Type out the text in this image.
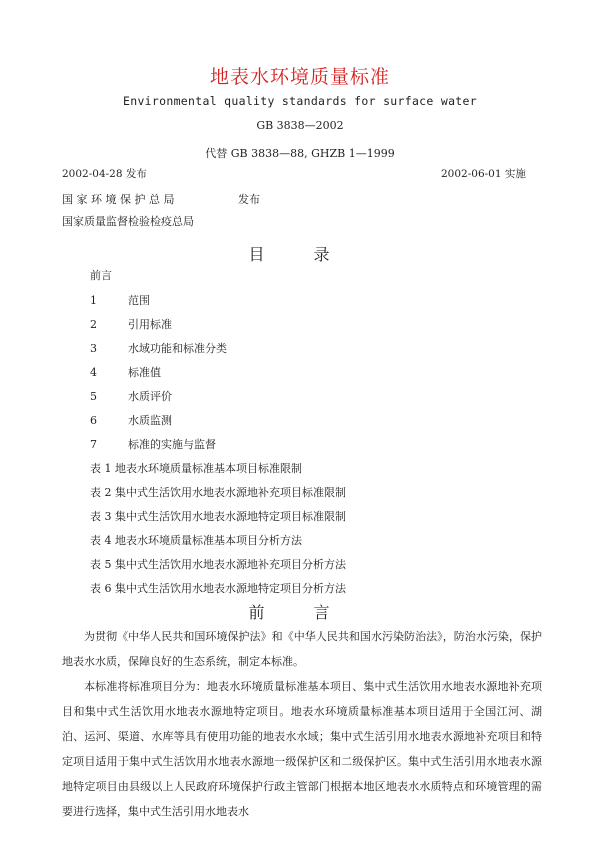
地表水环境质量标准
Environmental quality standards for surface water
GB 3838—2002
代替 GB 3838—88, GHZB 1—1999
2002-04-28 发布	2002-06-01 实施
国 家 环 境 保 护 总 局	发布
国家质量监督检验检疫总局
目 录
前言
1	范围
2	引用标准
3	水域功能和标准分类
4	标准值
5	水质评价
6	水质监测
7	标准的实施与监督
表 1 地表水环境质量标准基本项目标准限制
表 2 集中式生活饮用水地表水源地补充项目标准限制
表 3 集中式生活饮用水地表水源地特定项目标准限制
表 4 地表水环境质量标准基本项目分析方法
表 5 集中式生活饮用水地表水源地补充项目分析方法
表 6 集中式生活饮用水地表水源地特定项目分析方法
前 言
为贯彻《中华人民共和国环境保护法》和《中华人民共和国水污染防治法》，防治水污染，保护地表水水质，保障良好的生态系统，制定本标准。
本标准将标准项目分为：地表水环境质量标准基本项目、集中式生活饮用水地表水源地补充项目和集中式生活饮用水地表水源地特定项目。地表水环境质量标准基本项目适用于全国江河、湖泊、运河、渠道、水库等具有使用功能的地表水水域；集中式生活引用水地表水源地补充项目和特定项目适用于集中式生活饮用水地表水源地一级保护区和二级保护区。集中式生活引用水地表水源地特定项目由县级以上人民政府环境保护行政主管部门根据本地区地表水水质特点和环境管理的需要进行选择，集中式生活引用水地表水
